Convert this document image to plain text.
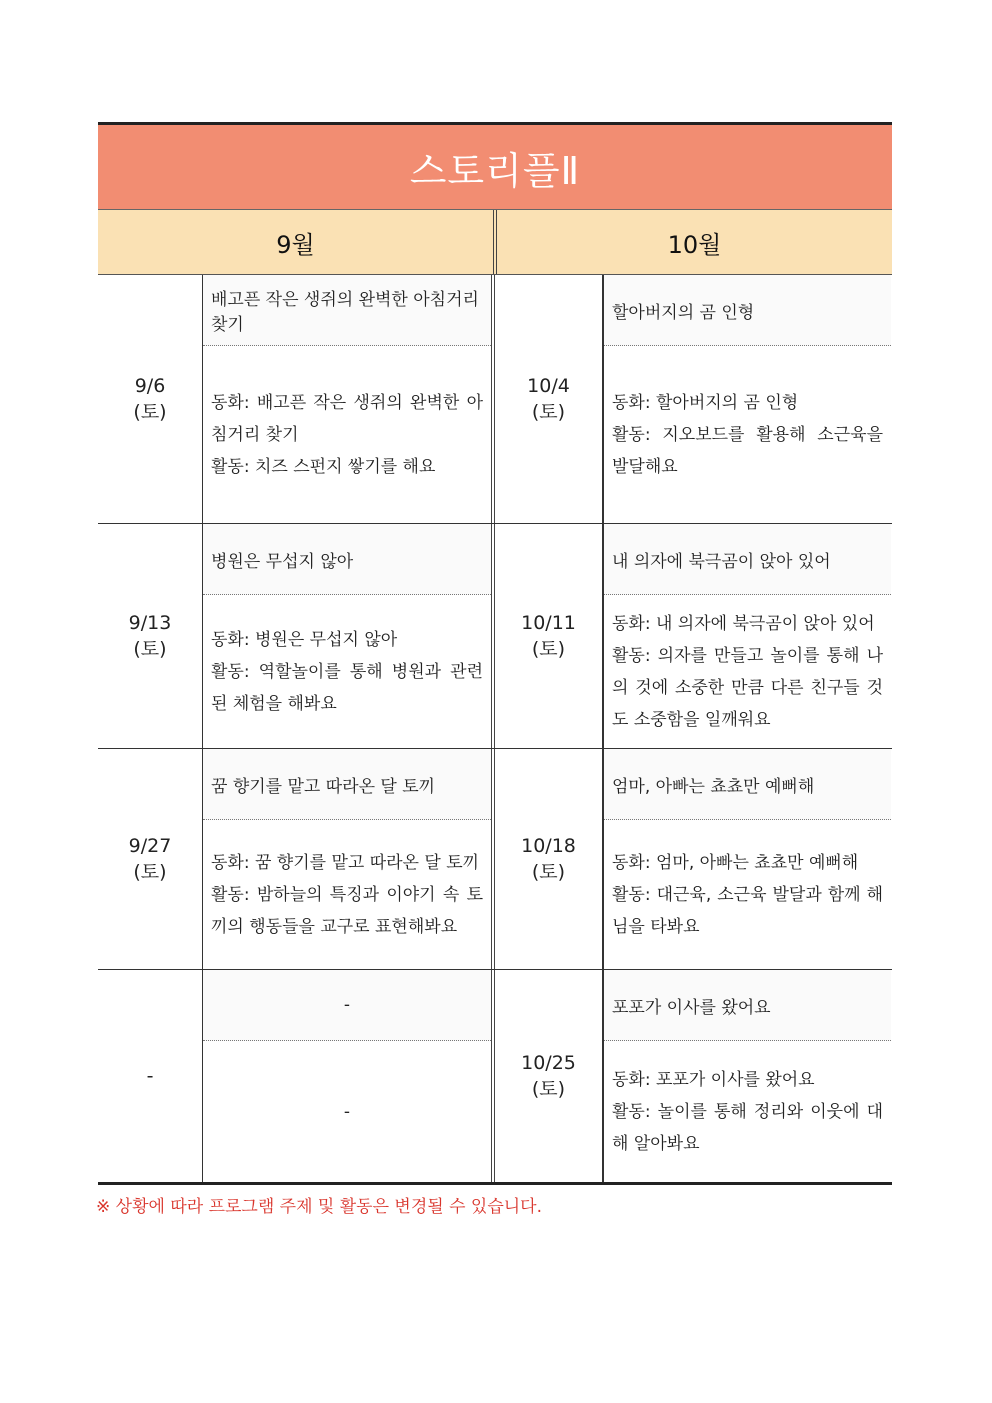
스토리플Ⅱ
9월	10월
9/6
(토)
배고픈 작은 생쥐의 완벽한 아침거리 찾기

동화: 배고픈 작은 생쥐의 완벽한 아침거리 찾기

활동: 치즈 스펀지 쌓기를 해요

10/4
(토)
할아버지의 곰 인형

동화: 할아버지의 곰 인형

활동: 지오보드를 활용해 소근육을 발달해요

9/13
(토)
병원은 무섭지 않아

동화: 병원은 무섭지 않아

활동: 역할놀이를 통해 병원과 관련된 체험을 해봐요

10/11
(토)
내 의자에 북극곰이 앉아 있어

동화: 내 의자에 북극곰이 앉아 있어

활동: 의자를 만들고 놀이를 통해 나의 것에 소중한 만큼 다른 친구들 것도 소중함을 일깨워요

9/27
(토)
꿈 향기를 맡고 따라온 달 토끼

동화: 꿈 향기를 맡고 따라온 달 토끼

활동: 밤하늘의 특징과 이야기 속 토끼의 행동들을 교구로 표현해봐요

10/18
(토)
엄마, 아빠는 쵸쵸만 예뻐해

동화: 엄마, 아빠는 쵸쵸만 예뻐해

활동: 대근육, 소근육 발달과 함께 해님을 타봐요

-
-

-

10/25
(토)
포포가 이사를 왔어요

동화: 포포가 이사를 왔어요

활동: 놀이를 통해 정리와 이웃에 대해 알아봐요

※ 상황에 따라 프로그램 주제 및 활동은 변경될 수 있습니다.
